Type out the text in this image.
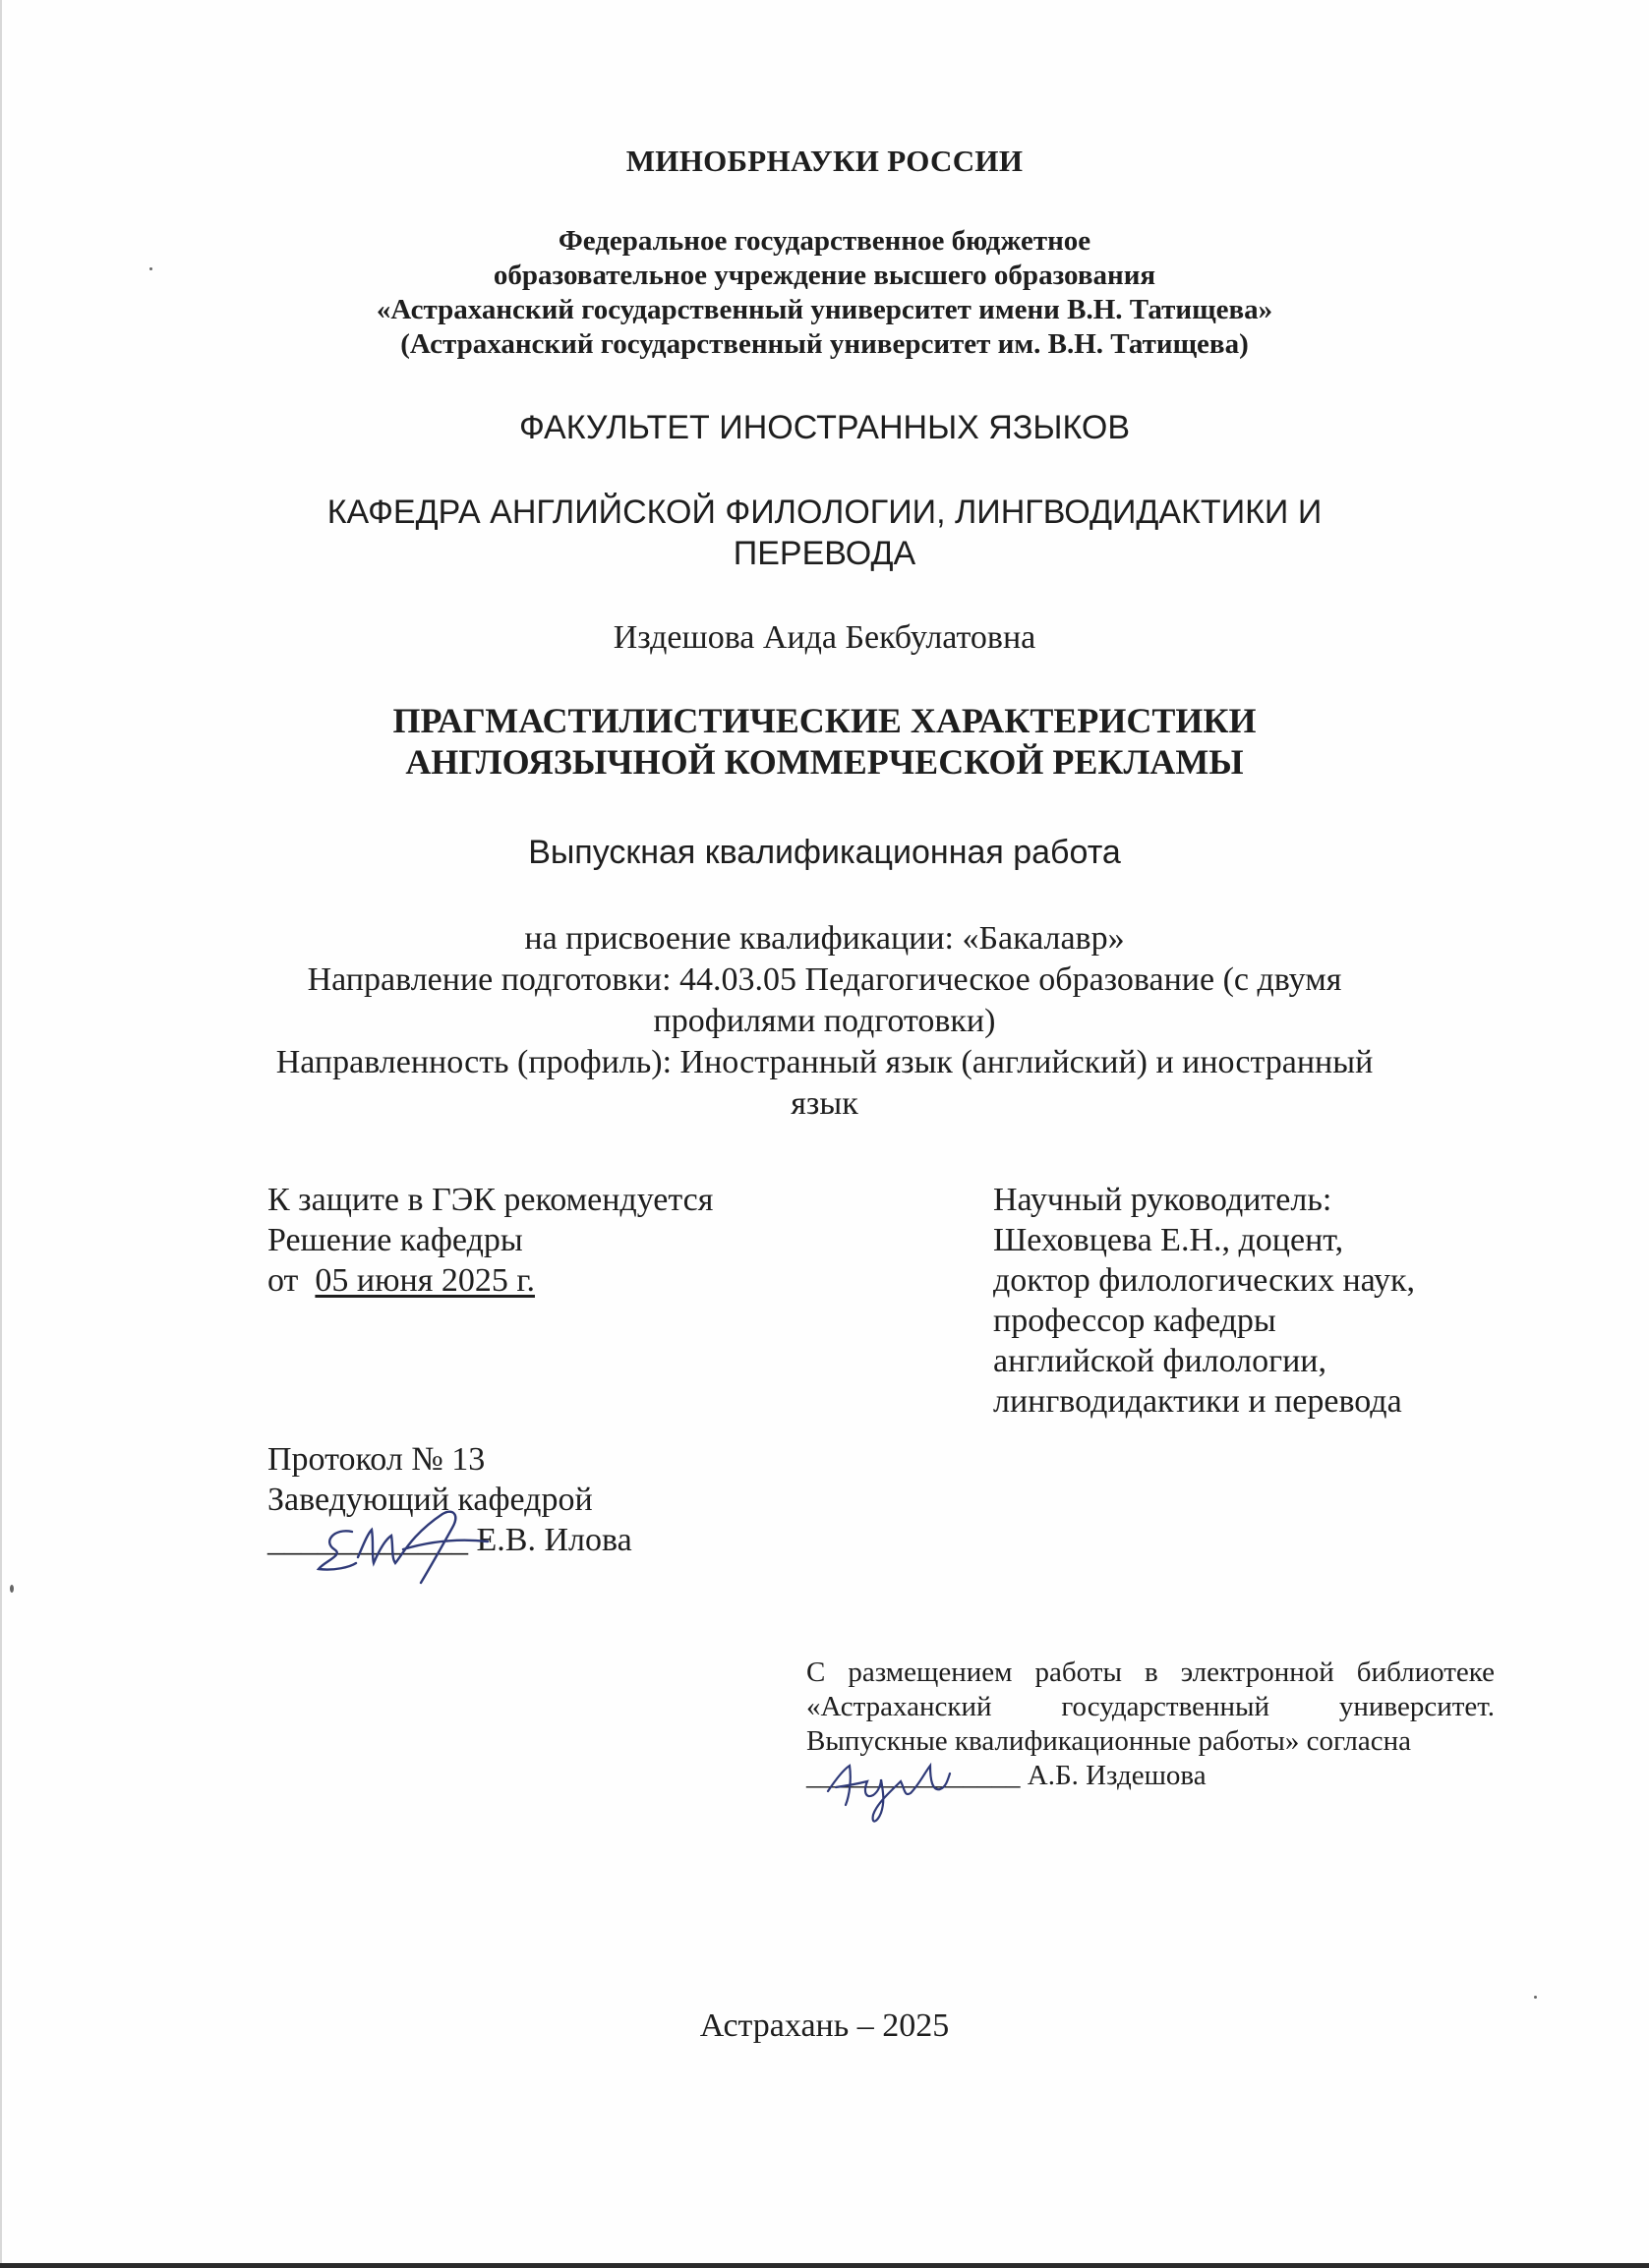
МИНОБРНАУКИ РОССИИ
Федеральное государственное бюджетное
образовательное учреждение высшего образования
«Астраханский государственный университет имени В.Н. Татищева»
(Астраханский государственный университет им. В.Н. Татищева)
ФАКУЛЬТЕТ ИНОСТРАННЫХ ЯЗЫКОВ
КАФЕДРА АНГЛИЙСКОЙ ФИЛОЛОГИИ, ЛИНГВОДИДАКТИКИ И
ПЕРЕВОДА
Издешова Аида Бекбулатовна
ПРАГМАСТИЛИСТИЧЕСКИЕ ХАРАКТЕРИСТИКИ
АНГЛОЯЗЫЧНОЙ КОММЕРЧЕСКОЙ РЕКЛАМЫ
Выпускная квалификационная работа
на присвоение квалификации: «Бакалавр»
Направление подготовки: 44.03.05 Педагогическое образование (с двумя
профилями подготовки)
Направленность (профиль): Иностранный язык (английский) и иностранный
язык
К защите в ГЭК рекомендуется
Решение кафедры
от 05 июня 2025 г.
Научный руководитель:
Шеховцева Е.Н., доцент,
доктор филологических наук,
профессор кафедры
английской филологии,
лингводидактики и перевода
Протокол № 13
Заведующий кафедрой
____________ Е.В. Илова
С размещением работы в электронной библиотеке
«Астраханский государственный университет.
Выпускные квалификационные работы» согласна
_______________ А.Б. Издешова
Астрахань – 2025
